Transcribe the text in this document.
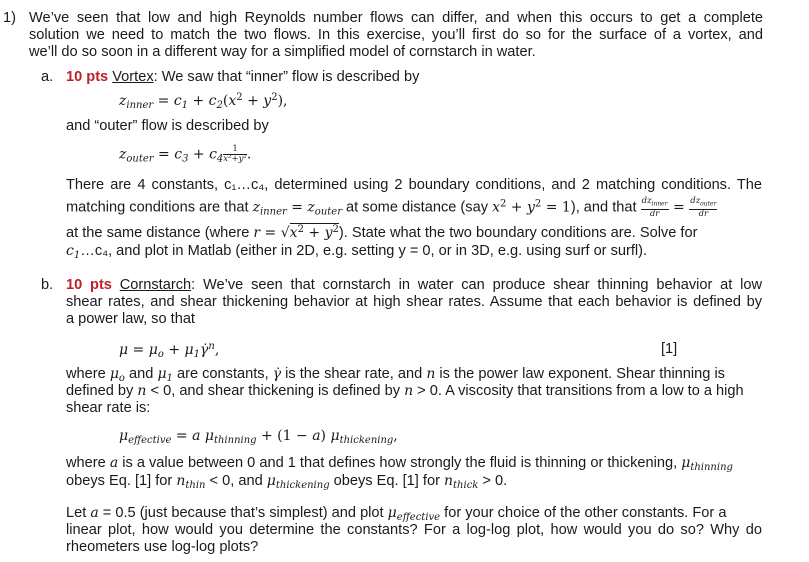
1) We’ve seen that low and high Reynolds number flows can differ, and when this occurs to get a complete
solution we need to match the two flows. In this exercise, you’ll first do so for the surface of a vortex, and
we’ll do so soon in a different way for a simplified model of cornstarch in water.
a. 10 pts Vortex: We saw that “inner” flow is described by
$z_{inner} = c_1 + c_2(x^2 + y^2)$,
and “outer” flow is described by
$z_{outer} = c_3 + c_4 \frac{1}{\text{x²+y²}}$ .
There are 4 constants, c₁…c₄, determined using 2 boundary conditions, and 2 matching conditions. The
matching conditions are that $z_{inner} = z_{outer}$ at some distance (say $x^2 + y^2 = 1$), and that $\frac{dz_{inner}}{dr} = \frac{dz_{outer}}{dr}$
at the same distance (where $r = √x^2 + y^2$). State what the two boundary conditions are. Solve for
$c_1\dots c_4$, and plot in Matlab (either in 2D, e.g. setting y = 0, or in 3D, e.g. using surf or surfl).
b. 10 pts Cornstarch: We’ve seen that cornstarch in water can produce shear thinning behavior at low
shear rates, and shear thickening behavior at high shear rates. Assume that each behavior is defined by
a power law, so that
$\mu = \mu_o$ + $\mu_1\gammȧ^n$,	[1]
where $\mu_o$ and $\mu_1$ are constants, γ̇ is the shear rate, and n is the power law exponent. Shear thinning is
defined by n < 0, and shear thickening is defined by n > 0. A viscosity that transitions from a low to a high
shear rate is:
$\mu_{effective} = a$ $\mu_{thinning} + (1 - a)$ $\mu_{thickening}$,
where a is a value between 0 and 1 that defines how strongly the fluid is thinning or thickening, $\mu_{thinning}$
obeys Eq. [1] for $n_{thin} < 0$, and $\mu_{thickening}$ obeys Eq. [1] for $n_{thick} > 0$.
Let a = 0.5 (just because that’s simplest) and plot $\mu_{effective}$ for your choice of the other constants. For a
linear plot, how would you determine the constants? For a log-log plot, how would you do so? Why do
rheometers use log-log plots?
